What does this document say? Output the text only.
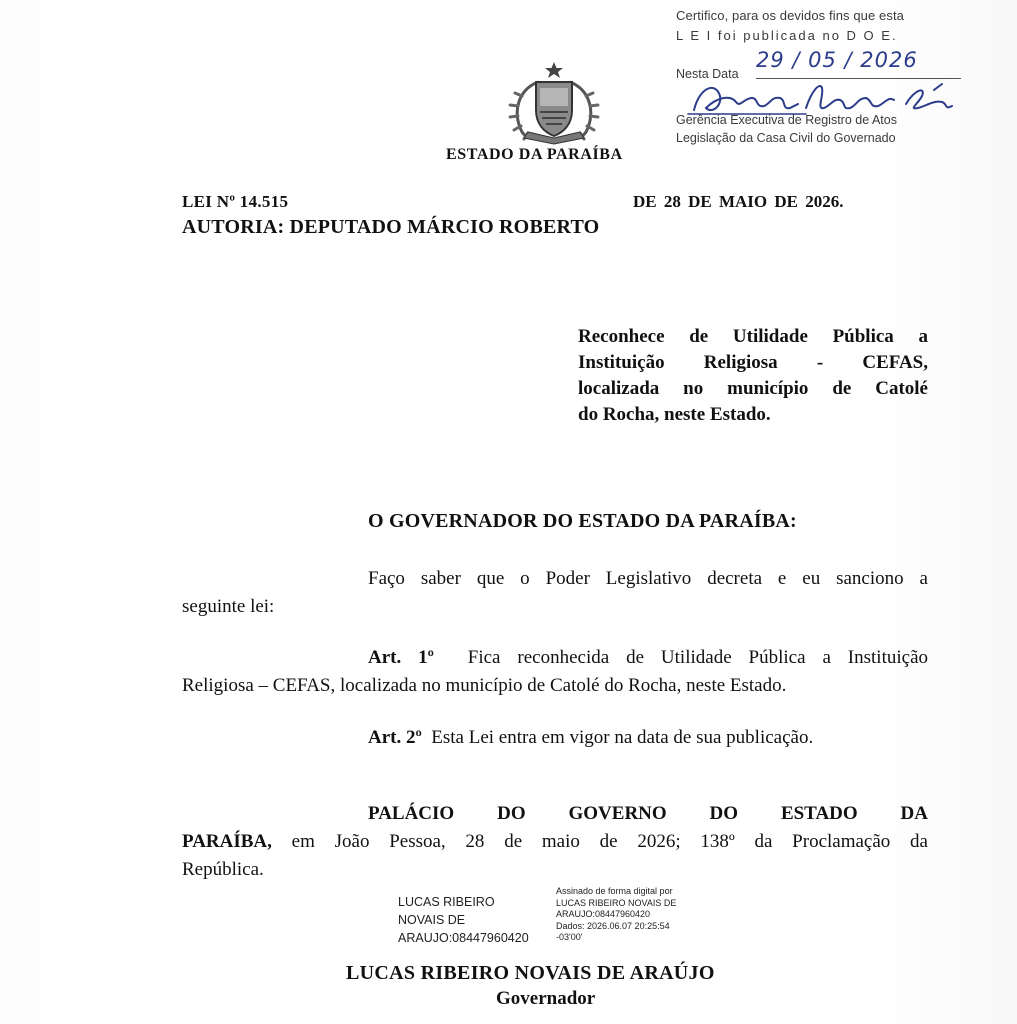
Certifico, para os devidos fins que esta
L E I foi publicada no D O E.
Nesta Data
29 / 05 / 2026
Gerência Executiva de Registro de Atos
Legislação da Casa Civil do Governado
ESTADO DA PARAÍBA
LEI Nº 14.515	DE 28 DE MAIO DE 2026.
AUTORIA: DEPUTADO MÁRCIO ROBERTO
Reconhece de Utilidade Pública a
Instituição Religiosa - CEFAS,
localizada no município de Catolé
do Rocha, neste Estado.
O GOVERNADOR DO ESTADO DA PARAÍBA:
Faço saber que o Poder Legislativo decreta e eu sanciono a
seguinte lei:
Art. 1º Fica reconhecida de Utilidade Pública a Instituição
Religiosa – CEFAS, localizada no município de Catolé do Rocha, neste Estado.
Art. 2º Esta Lei entra em vigor na data de sua publicação.
PALÁCIO DO GOVERNO DO ESTADO DA
PARAÍBA, em João Pessoa, 28 de maio de 2026; 138º da Proclamação da
República.
LUCAS RIBEIRO
NOVAIS DE
ARAUJO:08447960420
Assinado de forma digital por
LUCAS RIBEIRO NOVAIS DE
ARAUJO:08447960420
Dados: 2026.06.07 20:25:54
-03'00'
LUCAS RIBEIRO NOVAIS DE ARAÚJO
Governador
